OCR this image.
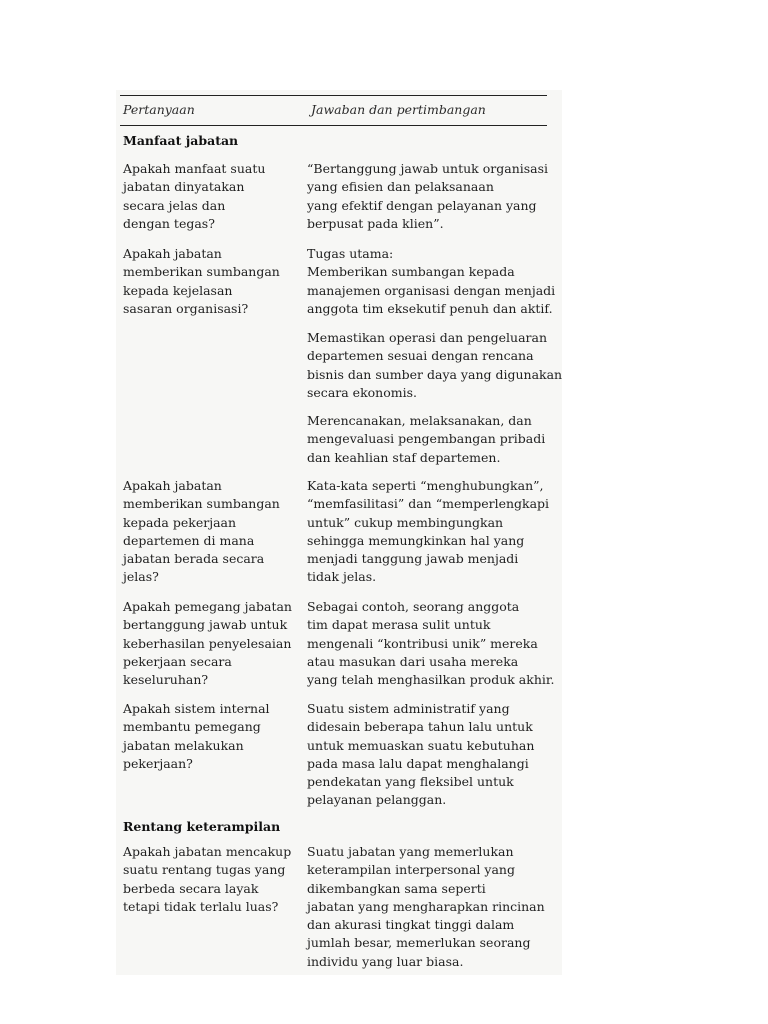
Pertanyaan	Jawaban dan pertimbangan
Manfaat jabatan
Rentang keterampilan
Apakah manfaat suatu
jabatan dinyatakan
secara jelas dan
dengan tegas?
Apakah jabatan
memberikan sumbangan
kepada kejelasan
sasaran organisasi?
Apakah jabatan
memberikan sumbangan
kepada pekerjaan
departemen di mana
jabatan berada secara
jelas?
Apakah pemegang jabatan
bertanggung jawab untuk
keberhasilan penyelesaian
pekerjaan secara
keseluruhan?
Apakah sistem internal
membantu pemegang
jabatan melakukan
pekerjaan?
Apakah jabatan mencakup
suatu rentang tugas yang
berbeda secara layak
tetapi tidak terlalu luas?
“Bertanggung jawab untuk organisasi
yang efisien dan pelaksanaan
yang efektif dengan pelayanan yang
berpusat pada klien”.
Tugas utama:
Memberikan sumbangan kepada
manajemen organisasi dengan menjadi
anggota tim eksekutif penuh dan aktif.
Memastikan operasi dan pengeluaran
departemen sesuai dengan rencana
bisnis dan sumber daya yang digunakan
secara ekonomis.
Merencanakan, melaksanakan, dan
mengevaluasi pengembangan pribadi
dan keahlian staf departemen.
Kata-kata seperti “menghubungkan”,
“memfasilitasi” dan “memperlengkapi
untuk” cukup membingungkan
sehingga memungkinkan hal yang
menjadi tanggung jawab menjadi
tidak jelas.
Sebagai contoh, seorang anggota
tim dapat merasa sulit untuk
mengenali “kontribusi unik” mereka
atau masukan dari usaha mereka
yang telah menghasilkan produk akhir.
Suatu sistem administratif yang
didesain beberapa tahun lalu untuk
untuk memuaskan suatu kebutuhan
pada masa lalu dapat menghalangi
pendekatan yang fleksibel untuk
pelayanan pelanggan.
Suatu jabatan yang memerlukan
keterampilan interpersonal yang
dikembangkan sama seperti
jabatan yang mengharapkan rincinan
dan akurasi tingkat tinggi dalam
jumlah besar, memerlukan seorang
individu yang luar biasa.
